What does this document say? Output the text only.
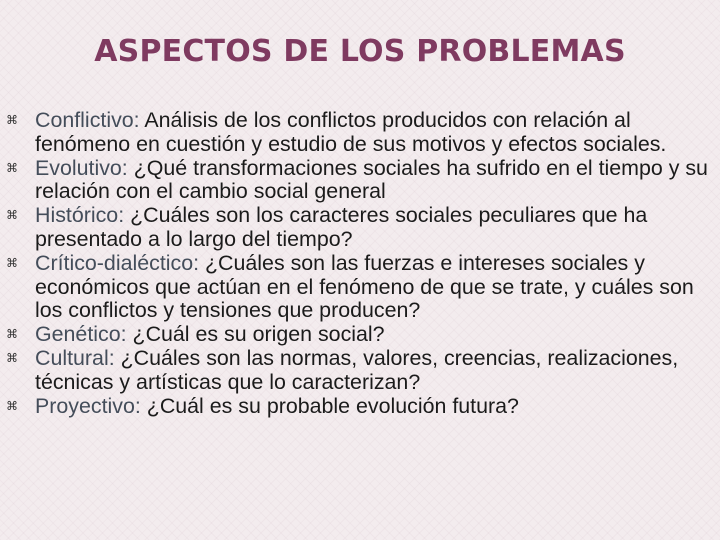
ASPECTOS DE LOS PROBLEMAS
⌘ Conflictivo: Análisis de los conflictos producidos con relación al fenómeno en cuestión y estudio de sus motivos y efectos sociales.
⌘ Evolutivo: ¿Qué transformaciones sociales ha sufrido en el tiempo y su relación con el cambio social general
⌘ Histórico: ¿Cuáles son los caracteres sociales peculiares que ha presentado a lo largo del tiempo?
⌘ Crítico-dialéctico: ¿Cuáles son las fuerzas e intereses sociales y económicos que actúan en el fenómeno de que se trate, y cuáles son los conflictos y tensiones que producen?
⌘ Genético: ¿Cuál es su origen social?
⌘ Cultural: ¿Cuáles son las normas, valores, creencias, realizaciones, técnicas y artísticas que lo caracterizan?
⌘ Proyectivo: ¿Cuál es su probable evolución futura?
